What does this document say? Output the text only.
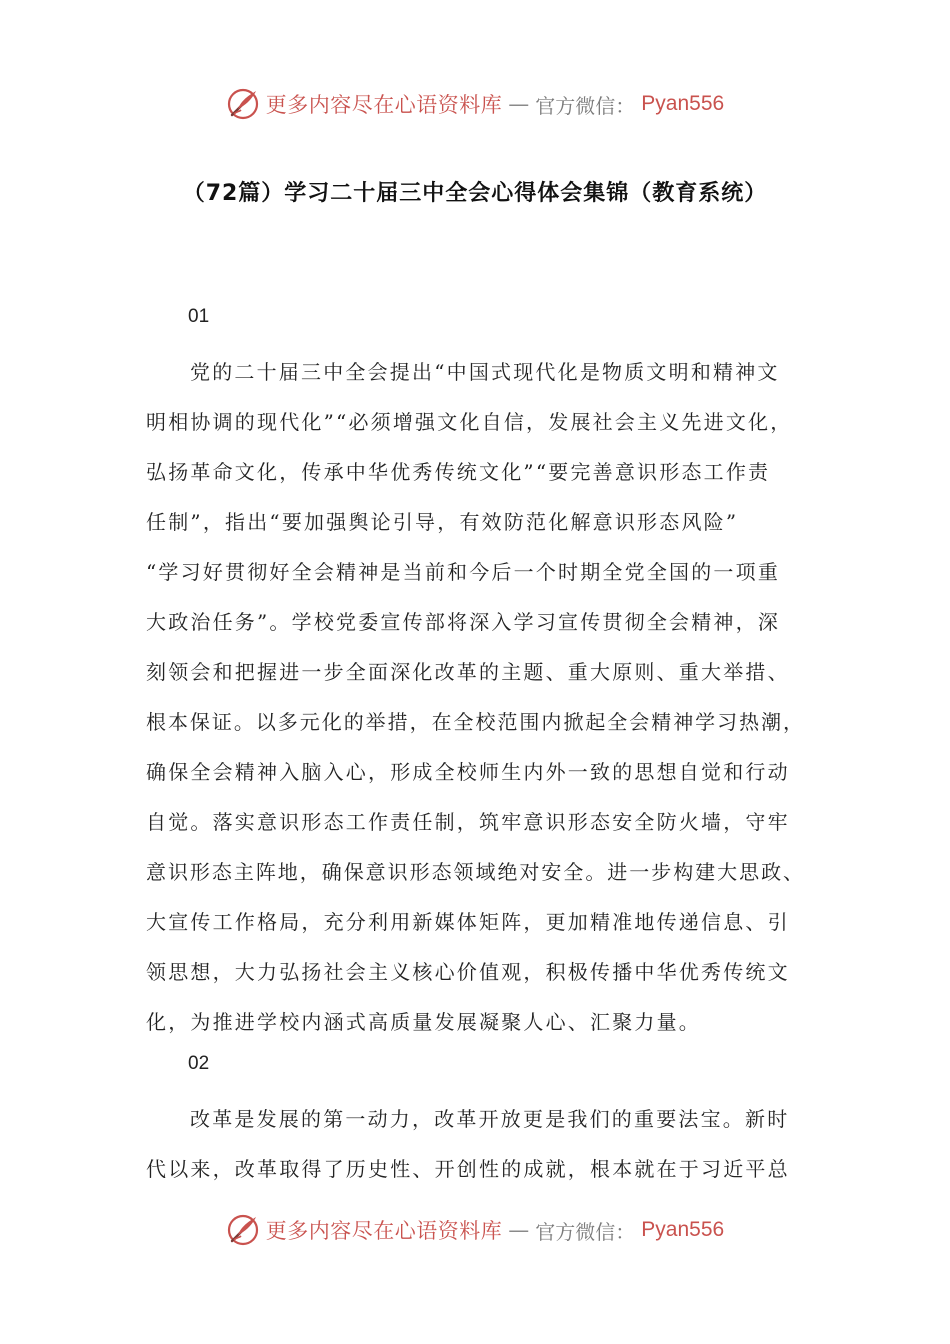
更多内容尽在心语资料库 — 官方微信： Pyan556
（72篇）学习二十届三中全会心得体会集锦（教育系统）
01
党的二十届三中全会提出“中国式现代化是物质文明和精神文
明相协调的现代化”“必须增强文化自信，发展社会主义先进文化，
弘扬革命文化，传承中华优秀传统文化”“要完善意识形态工作责
任制”，指出“要加强舆论引导，有效防范化解意识形态风险”
“学习好贯彻好全会精神是当前和今后一个时期全党全国的一项重
大政治任务”。学校党委宣传部将深入学习宣传贯彻全会精神，深
刻领会和把握进一步全面深化改革的主题、重大原则、重大举措、
根本保证。以多元化的举措，在全校范围内掀起全会精神学习热潮，
确保全会精神入脑入心，形成全校师生内外一致的思想自觉和行动
自觉。落实意识形态工作责任制，筑牢意识形态安全防火墙，守牢
意识形态主阵地，确保意识形态领域绝对安全。进一步构建大思政、
大宣传工作格局，充分利用新媒体矩阵，更加精准地传递信息、引
领思想，大力弘扬社会主义核心价值观，积极传播中华优秀传统文
化，为推进学校内涵式高质量发展凝聚人心、汇聚力量。
02
改革是发展的第一动力，改革开放更是我们的重要法宝。新时
代以来，改革取得了历史性、开创性的成就，根本就在于习近平总
更多内容尽在心语资料库 — 官方微信： Pyan556
